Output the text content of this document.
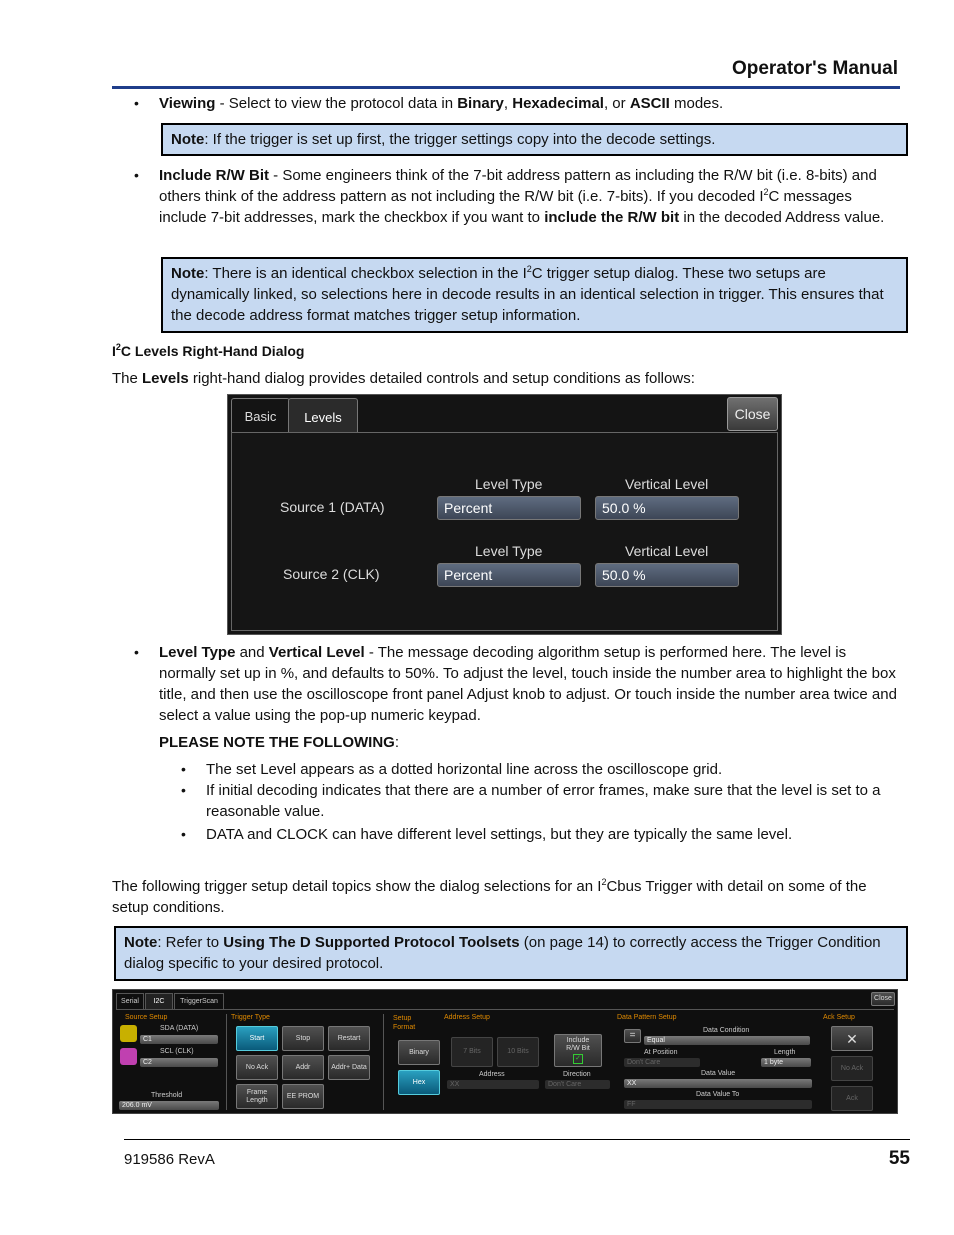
Operator's Manual
• Viewing - Select to view the protocol data in Binary, Hexadecimal, or ASCII modes.
Note: If the trigger is set up first, the trigger settings copy into the decode settings.
• Include R/W Bit - Some engineers think of the 7-bit address pattern as including the R/W bit (i.e. 8-bits) and others think of the address pattern as not including the R/W bit (i.e. 7-bits). If you decoded $I^2C$ messages include 7-bit addresses, mark the checkbox if you want to include the R/W bit in the decoded Address value.
Note: There is an identical checkbox selection in the $I^2C$ trigger setup dialog. These two setups are dynamically linked, so selections here in decode results in an identical selection in trigger. This ensures that the decode address format matches trigger setup information.
$I^2C$ Levels Right-Hand Dialog
The Levels right-hand dialog provides detailed controls and setup conditions as follows:
Basic	Levels	Close
Level Type	Vertical Level
Source 1 (DATA)	Percent	50.0 %
Level Type	Vertical Level
Source 2 (CLK)	Percent	50.0 %
• Level Type and Vertical Level - The message decoding algorithm setup is performed here. The level is normally set up in %, and defaults to 50%. To adjust the level, touch inside the number area to highlight the box title, and then use the oscilloscope front panel Adjust knob to adjust. Or touch inside the number area twice and select a value using the pop-up numeric keypad.
PLEASE NOTE THE FOLLOWING:
• The set Level appears as a dotted horizontal line across the oscilloscope grid.
• If initial decoding indicates that there are a number of error frames, make sure that the level is set to a reasonable value.
• DATA and CLOCK can have different level settings, but they are typically the same level.
The following trigger setup detail topics show the dialog selections for an $I^2Cbus$ Trigger with detail on some of the setup conditions.
Note: Refer to Using The D Supported Protocol Toolsets (on page 14) to correctly access the Trigger Condition dialog specific to your desired protocol.
Serial	I2C	TriggerScan	Close
Source Setup
SDA (DATA)
C1
SCL (CLK)
C2
Threshold
206.0 mV
Trigger Type
Start	Stop	Restart
No Ack	Addr	Addr+ Data
Frame Length
EE PROM
Setup Format
Binary
Hex
Address Setup
7 Bits	10 Bits
Include R/W Bit
✓
Address
XX
Direction
Don't Care
Data Pattern Setup
=	Data Condition
Equal
At Position
Don't Care
Length
1 byte
Data Value
XX
Data Value To
FF
Ack Setup
✕
No Ack
Ack
919586 RevA	55
